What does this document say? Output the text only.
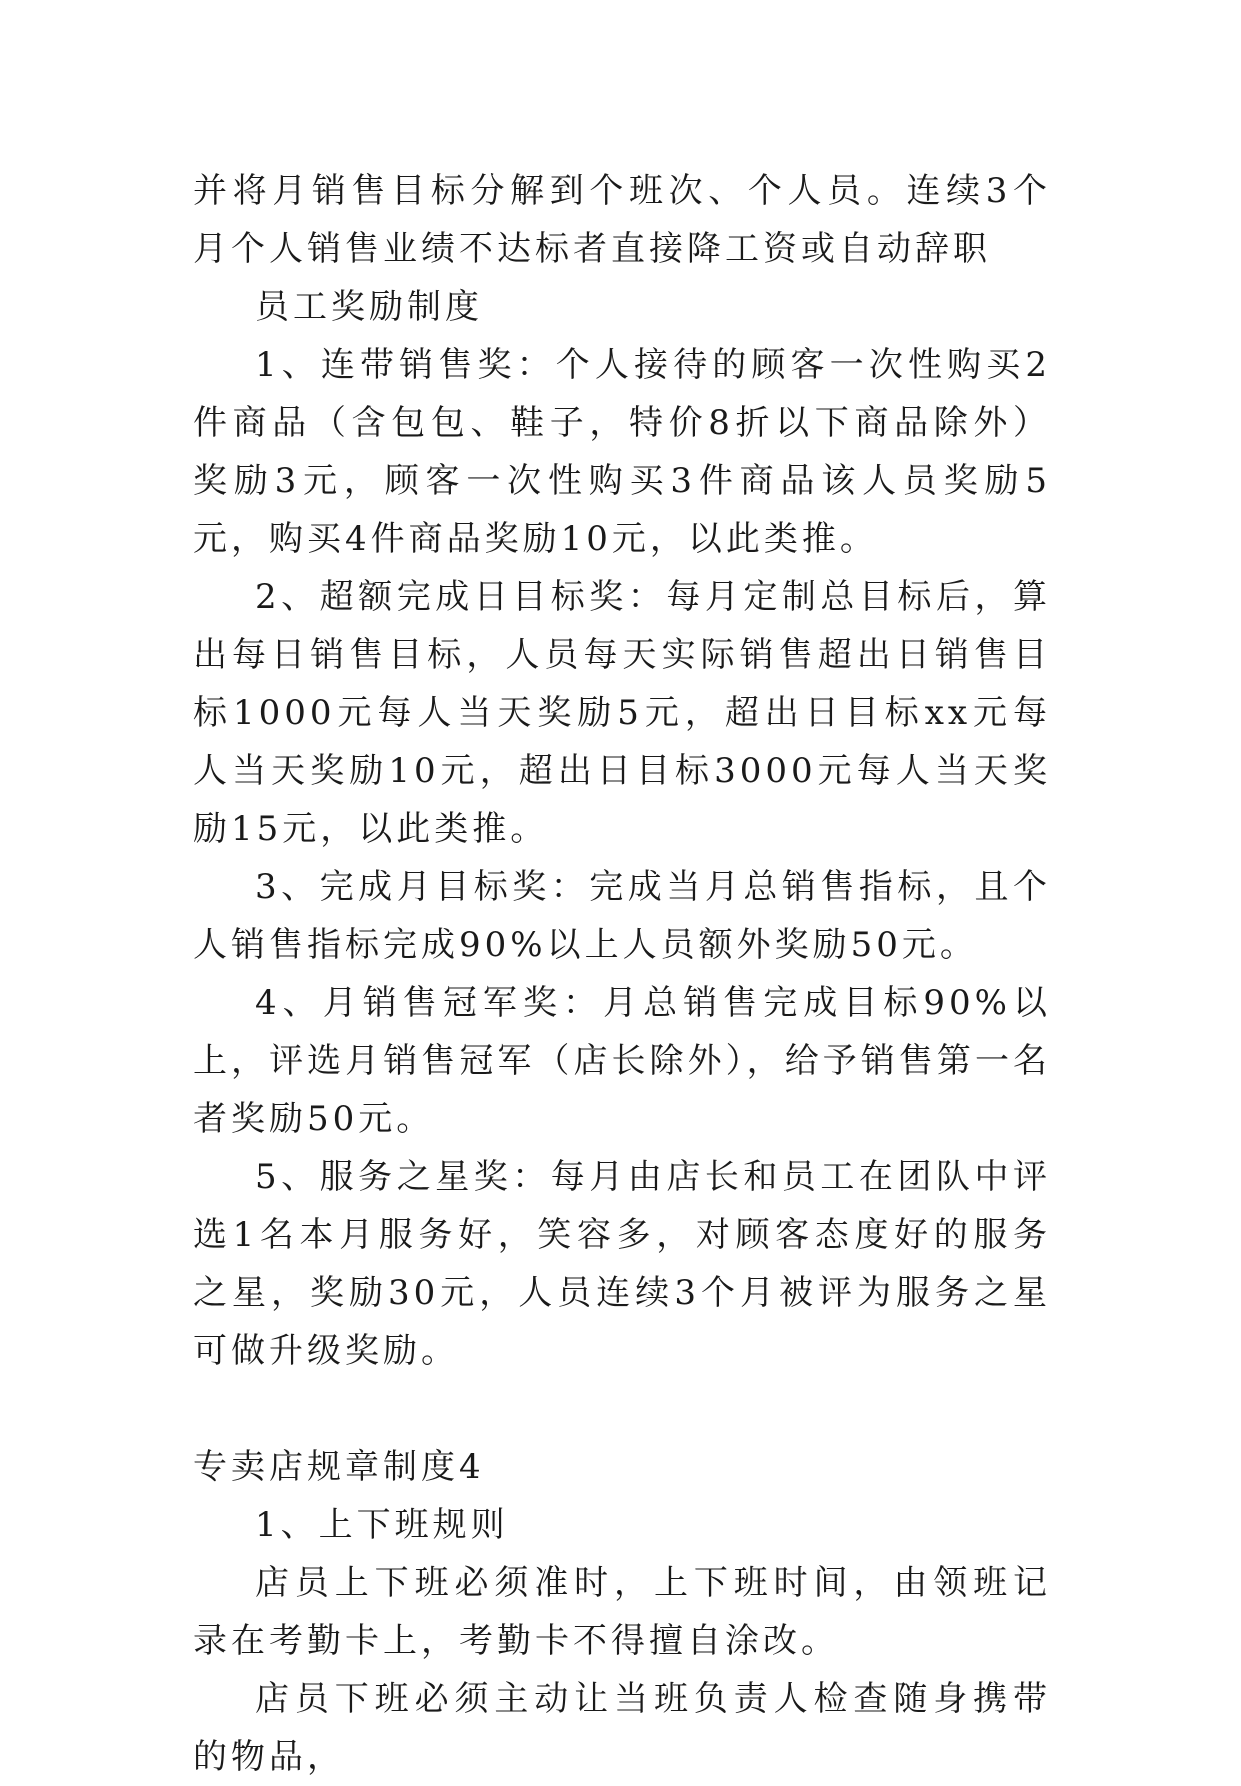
并将月销售目标分解到个班次、个人员。连续3个月个人销售业绩不达标者直接降工资或自动辞职

员工奖励制度

1、连带销售奖：个人接待的顾客一次性购买2件商品（含包包、鞋子，特价8折以下商品除外）奖励3元，顾客一次性购买3件商品该人员奖励5元，购买4件商品奖励10元，以此类推。

2、超额完成日目标奖：每月定制总目标后，算出每日销售目标，人员每天实际销售超出日销售目标1000元每人当天奖励5元，超出日目标xx元每人当天奖励10元，超出日目标3000元每人当天奖励15元，以此类推。

3、完成月目标奖：完成当月总销售指标，且个人销售指标完成90%以上人员额外奖励50元。

4、月销售冠军奖：月总销售完成目标90%以上，评选月销售冠军（店长除外），给予销售第一名者奖励50元。

5、服务之星奖：每月由店长和员工在团队中评选1名本月服务好，笑容多，对顾客态度好的服务之星，奖励30元，人员连续3个月被评为服务之星可做升级奖励。

专卖店规章制度4

1、上下班规则

店员上下班必须准时，上下班时间，由领班记录在考勤卡上，考勤卡不得擅自涂改。

店员下班必须主动让当班负责人检查随身携带的物品，
